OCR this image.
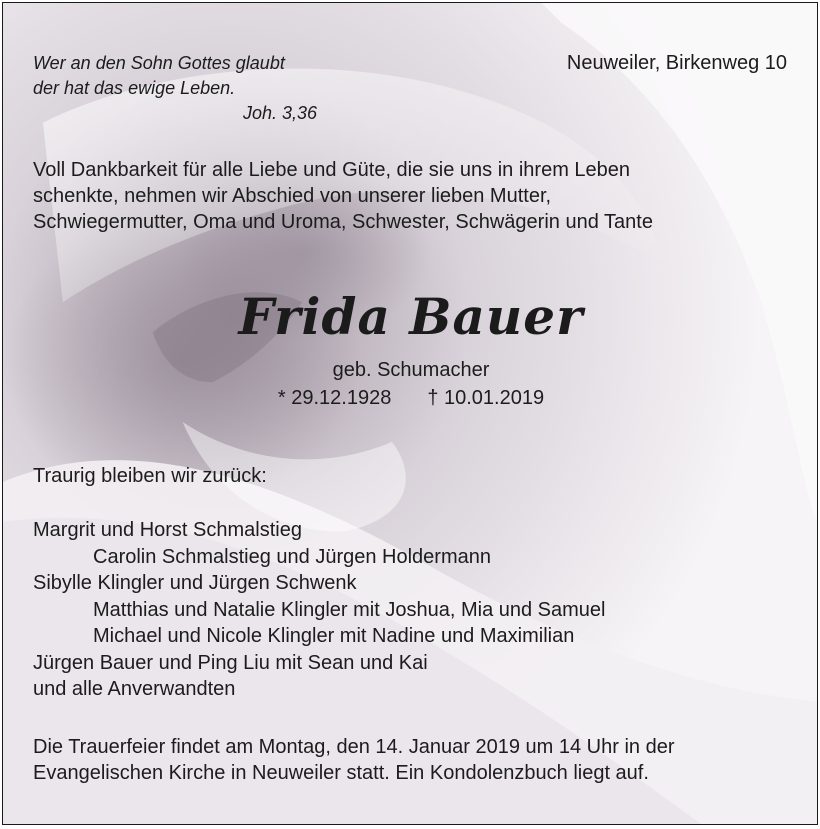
Wer an den Sohn Gottes glaubt
der hat das ewige Leben.
Joh. 3,36
Neuweiler, Birkenweg 10
Voll Dankbarkeit für alle Liebe und Güte, die sie uns in ihrem Leben
schenkte, nehmen wir Abschied von unserer lieben Mutter,
Schwiegermutter, Oma und Uroma, Schwester, Schwägerin und Tante
Frida Bauer
geb. Schumacher
* 29.12.1928 † 10.01.2019
Traurig bleiben wir zurück:
Margrit und Horst Schmalstieg
Carolin Schmalstieg und Jürgen Holdermann
Sibylle Klingler und Jürgen Schwenk
Matthias und Natalie Klingler mit Joshua, Mia und Samuel
Michael und Nicole Klingler mit Nadine und Maximilian
Jürgen Bauer und Ping Liu mit Sean und Kai
und alle Anverwandten
Die Trauerfeier findet am Montag, den 14. Januar 2019 um 14 Uhr in der
Evangelischen Kirche in Neuweiler statt. Ein Kondolenzbuch liegt auf.
